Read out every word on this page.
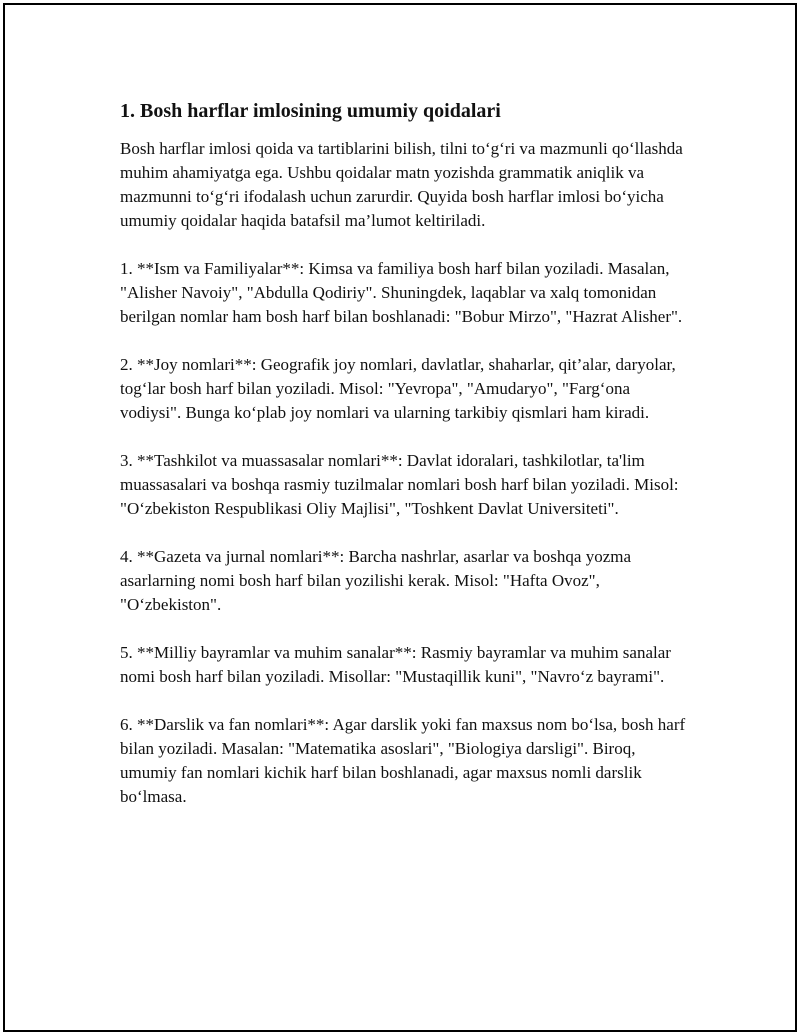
1. Bosh harflar imlosining umumiy qoidalari

Bosh harflar imlosi qoida va tartiblarini bilish, tilni to‘g‘ri va mazmunli qo‘llashda muhim ahamiyatga ega. Ushbu qoidalar matn yozishda grammatik aniqlik va mazmunni to‘g‘ri ifodalash uchun zarurdir. Quyida bosh harflar imlosi bo‘yicha umumiy qoidalar haqida batafsil ma’lumot keltiriladi.

1. **Ism va Familiyalar**: Kimsa va familiya bosh harf bilan yoziladi. Masalan, "Alisher Navoiy", "Abdulla Qodiriy". Shuningdek, laqablar va xalq tomonidan berilgan nomlar ham bosh harf bilan boshlanadi: "Bobur Mirzo", "Hazrat Alisher".

2. **Joy nomlari**: Geografik joy nomlari, davlatlar, shaharlar, qit’alar, daryolar, tog‘lar bosh harf bilan yoziladi. Misol: "Yevropa", "Amudaryo", "Farg‘ona vodiysi". Bunga ko‘plab joy nomlari va ularning tarkibiy qismlari ham kiradi.

3. **Tashkilot va muassasalar nomlari**: Davlat idoralari, tashkilotlar, ta'lim muassasalari va boshqa rasmiy tuzilmalar nomlari bosh harf bilan yoziladi. Misol: "O‘zbekiston Respublikasi Oliy Majlisi", "Toshkent Davlat Universiteti".

4. **Gazeta va jurnal nomlari**: Barcha nashrlar, asarlar va boshqa yozma asarlarning nomi bosh harf bilan yozilishi kerak. Misol: "Hafta Ovoz", "O‘zbekiston".

5. **Milliy bayramlar va muhim sanalar**: Rasmiy bayramlar va muhim sanalar nomi bosh harf bilan yoziladi. Misollar: "Mustaqillik kuni", "Navro‘z bayrami".

6. **Darslik va fan nomlari**: Agar darslik yoki fan maxsus nom bo‘lsa, bosh harf bilan yoziladi. Masalan: "Matematika asoslari", "Biologiya darsligi". Biroq, umumiy fan nomlari kichik harf bilan boshlanadi, agar maxsus nomli darslik bo‘lmasa.
